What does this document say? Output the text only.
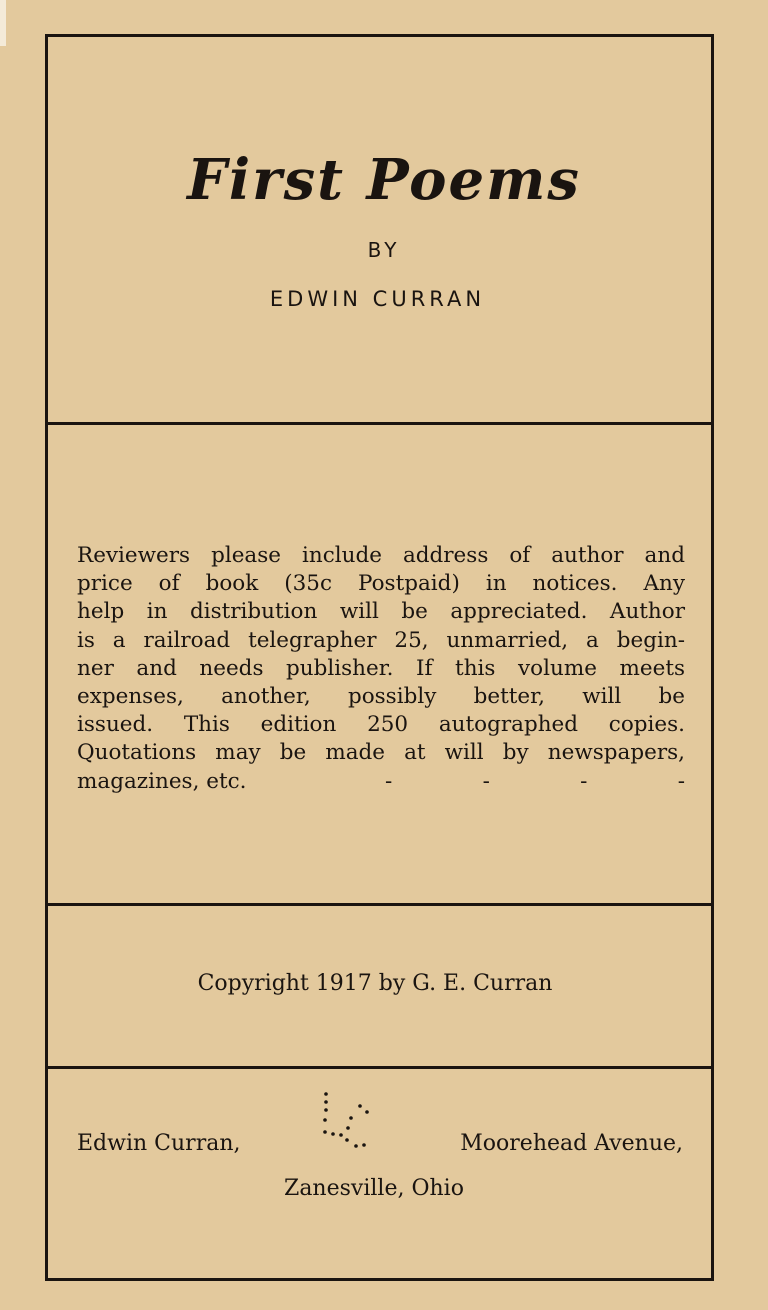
First Poems
BY
EDWIN CURRAN
Reviewers please include address of author and
price of book (35c Postpaid) in notices. Any
help in distribution will be appreciated. Author
is a railroad telegrapher 25, unmarried, a begin-
ner and needs publisher. If this volume meets
expenses, another, possibly better, will be
issued. This edition 250 autographed copies.
Quotations may be made at will by newspapers,
magazines, etc.	-	-	-	-
Copyright 1917 by G. E. Curran
Edwin Curran,	Moorehead Avenue,
Zanesville, Ohio
